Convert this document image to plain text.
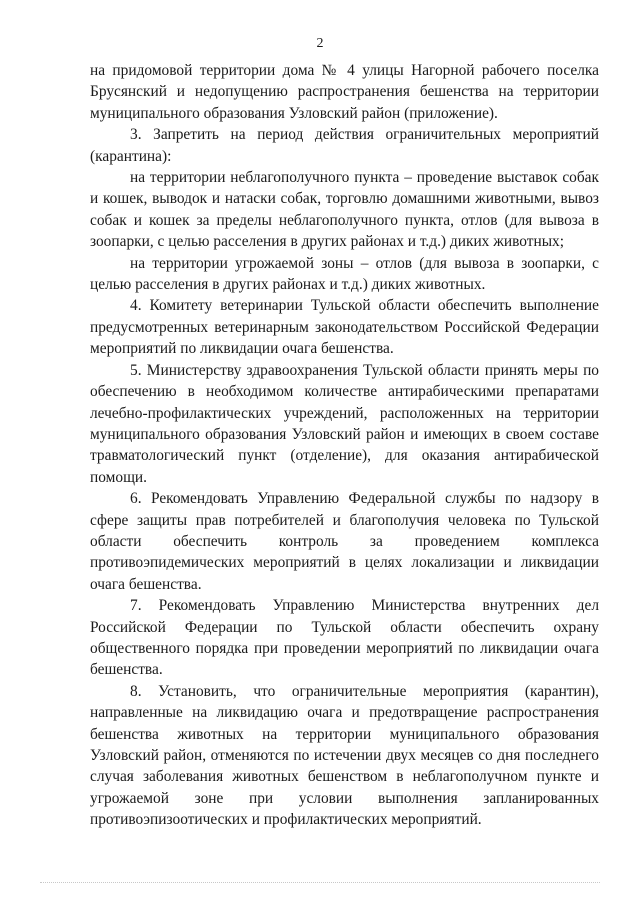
2

на придомовой территории дома № 4 улицы Нагорной рабочего поселка Брусянский и недопущению распространения бешенства на территории муниципального образования Узловский район (приложение).

3. Запретить на период действия ограничительных мероприятий (карантина):

на территории неблагополучного пункта – проведение выставок собак и кошек, выводок и натаски собак, торговлю домашними животными, вывоз собак и кошек за пределы неблагополучного пункта, отлов (для вывоза в зоопарки, с целью расселения в других районах и т.д.) диких животных;

на территории угрожаемой зоны – отлов (для вывоза в зоопарки, с целью расселения в других районах и т.д.) диких животных.

4. Комитету ветеринарии Тульской области обеспечить выполнение предусмотренных ветеринарным законодательством Российской Федерации мероприятий по ликвидации очага бешенства.

5. Министерству здравоохранения Тульской области принять меры по обеспечению в необходимом количестве антирабическими препаратами лечебно-профилактических учреждений, расположенных на территории муниципального образования Узловский район и имеющих в своем составе травматологический пункт (отделение), для оказания антирабической помощи.

6. Рекомендовать Управлению Федеральной службы по надзору в сфере защиты прав потребителей и благополучия человека по Тульской области обеспечить контроль за проведением комплекса противоэпидемических мероприятий в целях локализации и ликвидации очага бешенства.

7. Рекомендовать Управлению Министерства внутренних дел Российской Федерации по Тульской области обеспечить охрану общественного порядка при проведении мероприятий по ликвидации очага бешенства.

8. Установить, что ограничительные мероприятия (карантин), направленные на ликвидацию очага и предотвращение распространения бешенства животных на территории муниципального образования Узловский район, отменяются по истечении двух месяцев со дня последнего случая заболевания животных бешенством в неблагополучном пункте и угрожаемой зоне при условии выполнения запланированных противоэпизоотических и профилактических мероприятий.
